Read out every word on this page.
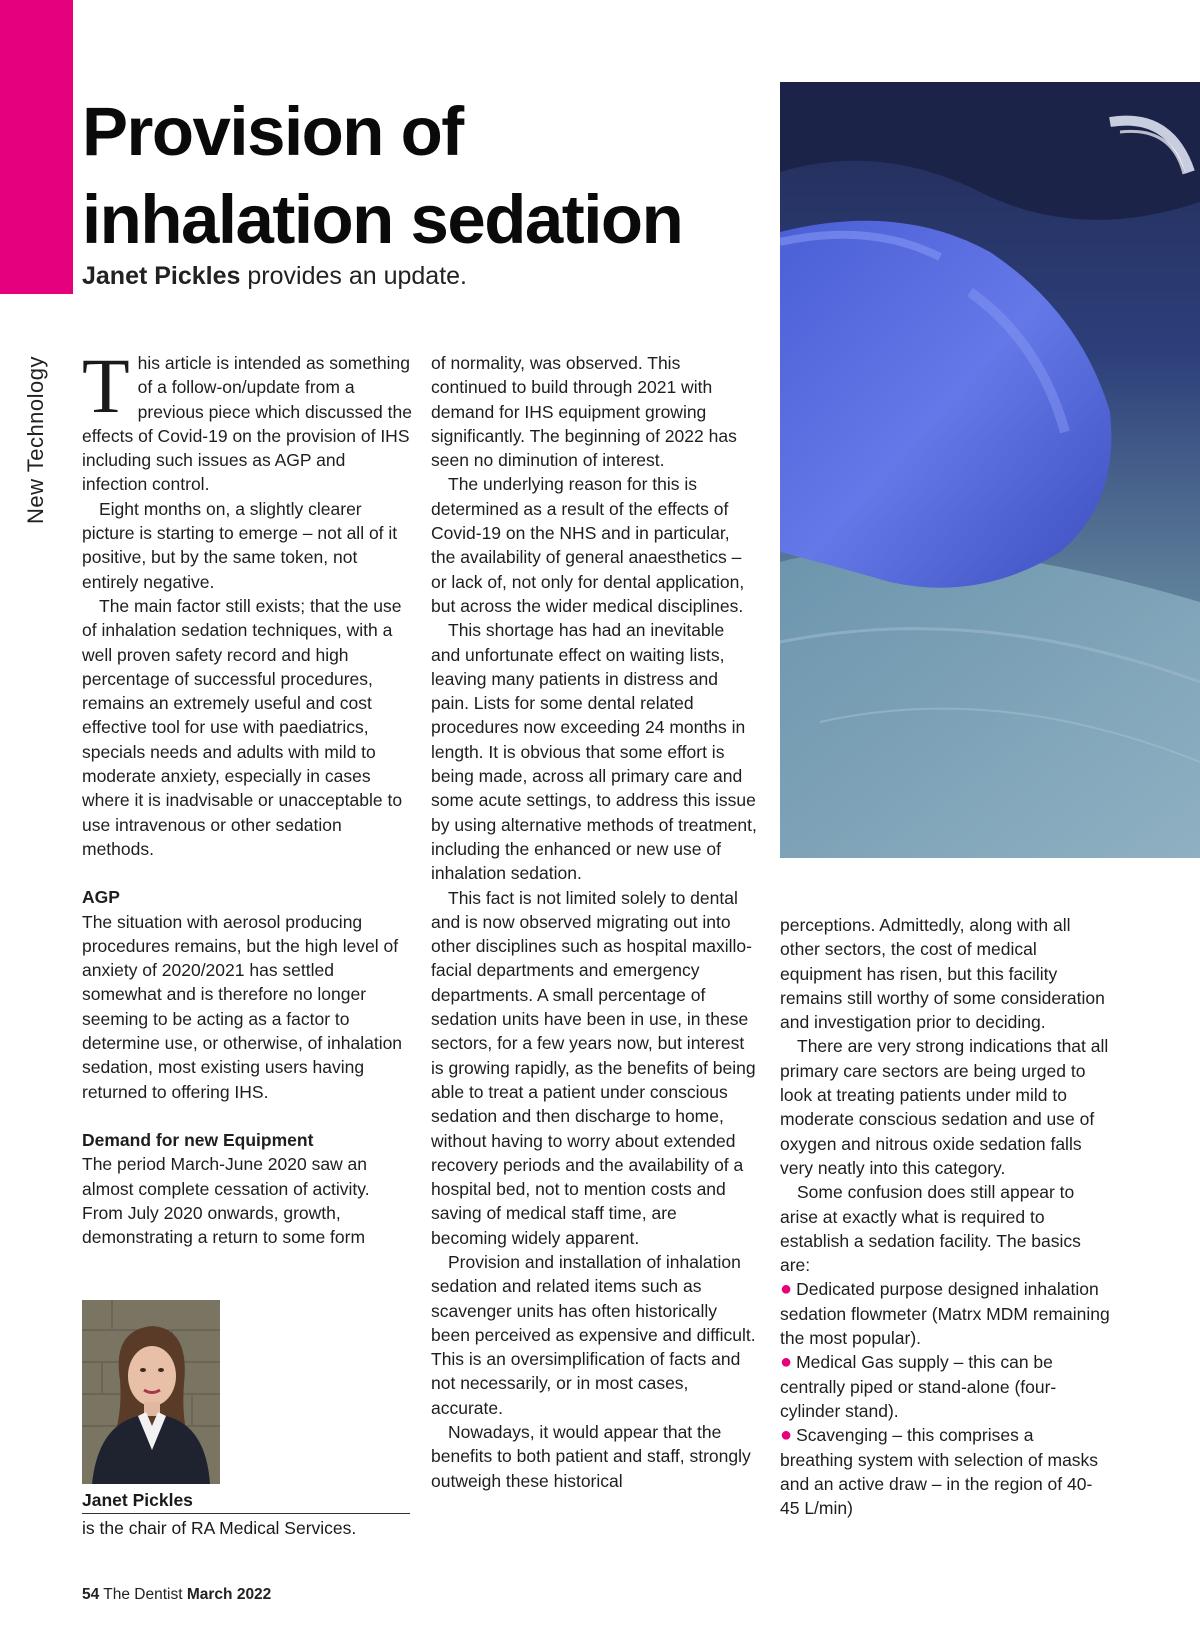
New Technology
Provision of
inhalation sedation
Janet Pickles provides an update.

This article is intended as something of a follow-on/update from a previous piece which discussed the effects of Covid-19 on the provision of IHS including such issues as AGP and infection control.

Eight months on, a slightly clearer picture is starting to emerge – not all of it positive, but by the same token, not entirely negative.

The main factor still exists; that the use of inhalation sedation techniques, with a well proven safety record and high percentage of successful procedures, remains an extremely useful and cost effective tool for use with paediatrics, specials needs and adults with mild to moderate anxiety, especially in cases where it is inadvisable or unacceptable to use intravenous or other sedation methods.

AGP

The situation with aerosol producing procedures remains, but the high level of anxiety of 2020/2021 has settled somewhat and is therefore no longer seeming to be acting as a factor to determine use, or otherwise, of inhalation sedation, most existing users having returned to offering IHS.

Demand for new Equipment

The period March-June 2020 saw an almost complete cessation of activity. From July 2020 onwards, growth, demonstrating a return to some form

of normality, was observed. This continued to build through 2021 with demand for IHS equipment growing significantly. The beginning of 2022 has seen no diminution of interest.

The underlying reason for this is determined as a result of the effects of Covid-19 on the NHS and in particular, the availability of general anaesthetics – or lack of, not only for dental application, but across the wider medical disciplines.

This shortage has had an inevitable and unfortunate effect on waiting lists, leaving many patients in distress and pain. Lists for some dental related procedures now exceeding 24 months in length. It is obvious that some effort is being made, across all primary care and some acute settings, to address this issue by using alternative methods of treatment, including the enhanced or new use of inhalation sedation.

This fact is not limited solely to dental and is now observed migrating out into other disciplines such as hospital maxillo-facial departments and emergency departments. A small percentage of sedation units have been in use, in these sectors, for a few years now, but interest is growing rapidly, as the benefits of being able to treat a patient under conscious sedation and then discharge to home, without having to worry about extended recovery periods and the availability of a hospital bed, not to mention costs and saving of medical staff time, are becoming widely apparent.

Provision and installation of inhalation sedation and related items such as scavenger units has often historically been perceived as expensive and difficult. This is an oversimplification of facts and not necessarily, or in most cases, accurate.

Nowadays, it would appear that the benefits to both patient and staff, strongly outweigh these historical

perceptions. Admittedly, along with all other sectors, the cost of medical equipment has risen, but this facility remains still worthy of some consideration and investigation prior to deciding.

There are very strong indications that all primary care sectors are being urged to look at treating patients under mild to moderate conscious sedation and use of oxygen and nitrous oxide sedation falls very neatly into this category.

Some confusion does still appear to arise at exactly what is required to establish a sedation facility. The basics are:

● Dedicated purpose designed inhalation sedation flowmeter (Matrx MDM remaining the most popular).

● Medical Gas supply – this can be centrally piped or stand-alone (four-cylinder stand).

● Scavenging – this comprises a breathing system with selection of masks and an active draw – in the region of 40-45 L/min)

Janet Pickles
is the chair of RA Medical Services.
54 The Dentist March 2022
